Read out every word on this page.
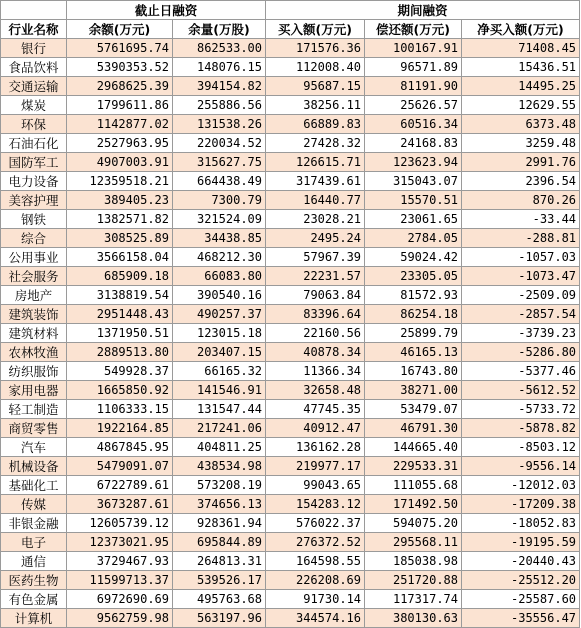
	截止日融资		期间融资		
行业名称	余额(万元)	余量(万股)	买入额(万元)	偿还额(万元)	净买入额(万元)
银行	5761695.74	862533.00	171576.36	100167.91	71408.45
食品饮料	5390353.52	148076.15	112008.40	96571.89	15436.51
交通运输	2968625.39	394154.82	95687.15	81191.90	14495.25
煤炭	1799611.86	255886.56	38256.11	25626.57	12629.55
环保	1142877.02	131538.26	66889.83	60516.34	6373.48
石油石化	2527963.95	220034.52	27428.32	24168.83	3259.48
国防军工	4907003.91	315627.75	126615.71	123623.94	2991.76
电力设备	12359518.21	664438.49	317439.61	315043.07	2396.54
美容护理	389405.23	7300.79	16440.77	15570.51	870.26
钢铁	1382571.82	321524.09	23028.21	23061.65	-33.44
综合	308525.89	34438.85	2495.24	2784.05	-288.81
公用事业	3566158.04	468212.30	57967.39	59024.42	-1057.03
社会服务	685909.18	66083.80	22231.57	23305.05	-1073.47
房地产	3138819.54	390540.16	79063.84	81572.93	-2509.09
建筑装饰	2951448.43	490257.37	83396.64	86254.18	-2857.54
建筑材料	1371950.51	123015.18	22160.56	25899.79	-3739.23
农林牧渔	2889513.80	203407.15	40878.34	46165.13	-5286.80
纺织服饰	549928.37	66165.32	11366.34	16743.80	-5377.46
家用电器	1665850.92	141546.91	32658.48	38271.00	-5612.52
轻工制造	1106333.15	131547.44	47745.35	53479.07	-5733.72
商贸零售	1922164.85	217241.06	40912.47	46791.30	-5878.82
汽车	4867845.95	404811.25	136162.28	144665.40	-8503.12
机械设备	5479091.07	438534.98	219977.17	229533.31	-9556.14
基础化工	6722789.61	573208.19	99043.65	111055.68	-12012.03
传媒	3673287.61	374656.13	154283.12	171492.50	-17209.38
非银金融	12605739.12	928361.94	576022.37	594075.20	-18052.83
电子	12373021.95	695844.89	276372.52	295568.11	-19195.59
通信	3729467.93	264813.31	164598.55	185038.98	-20440.43
医药生物	11599713.37	539526.17	226208.69	251720.88	-25512.20
有色金属	6972690.69	495763.68	91730.14	117317.74	-25587.60
计算机	9562759.98	563197.96	344574.16	380130.63	-35556.47
